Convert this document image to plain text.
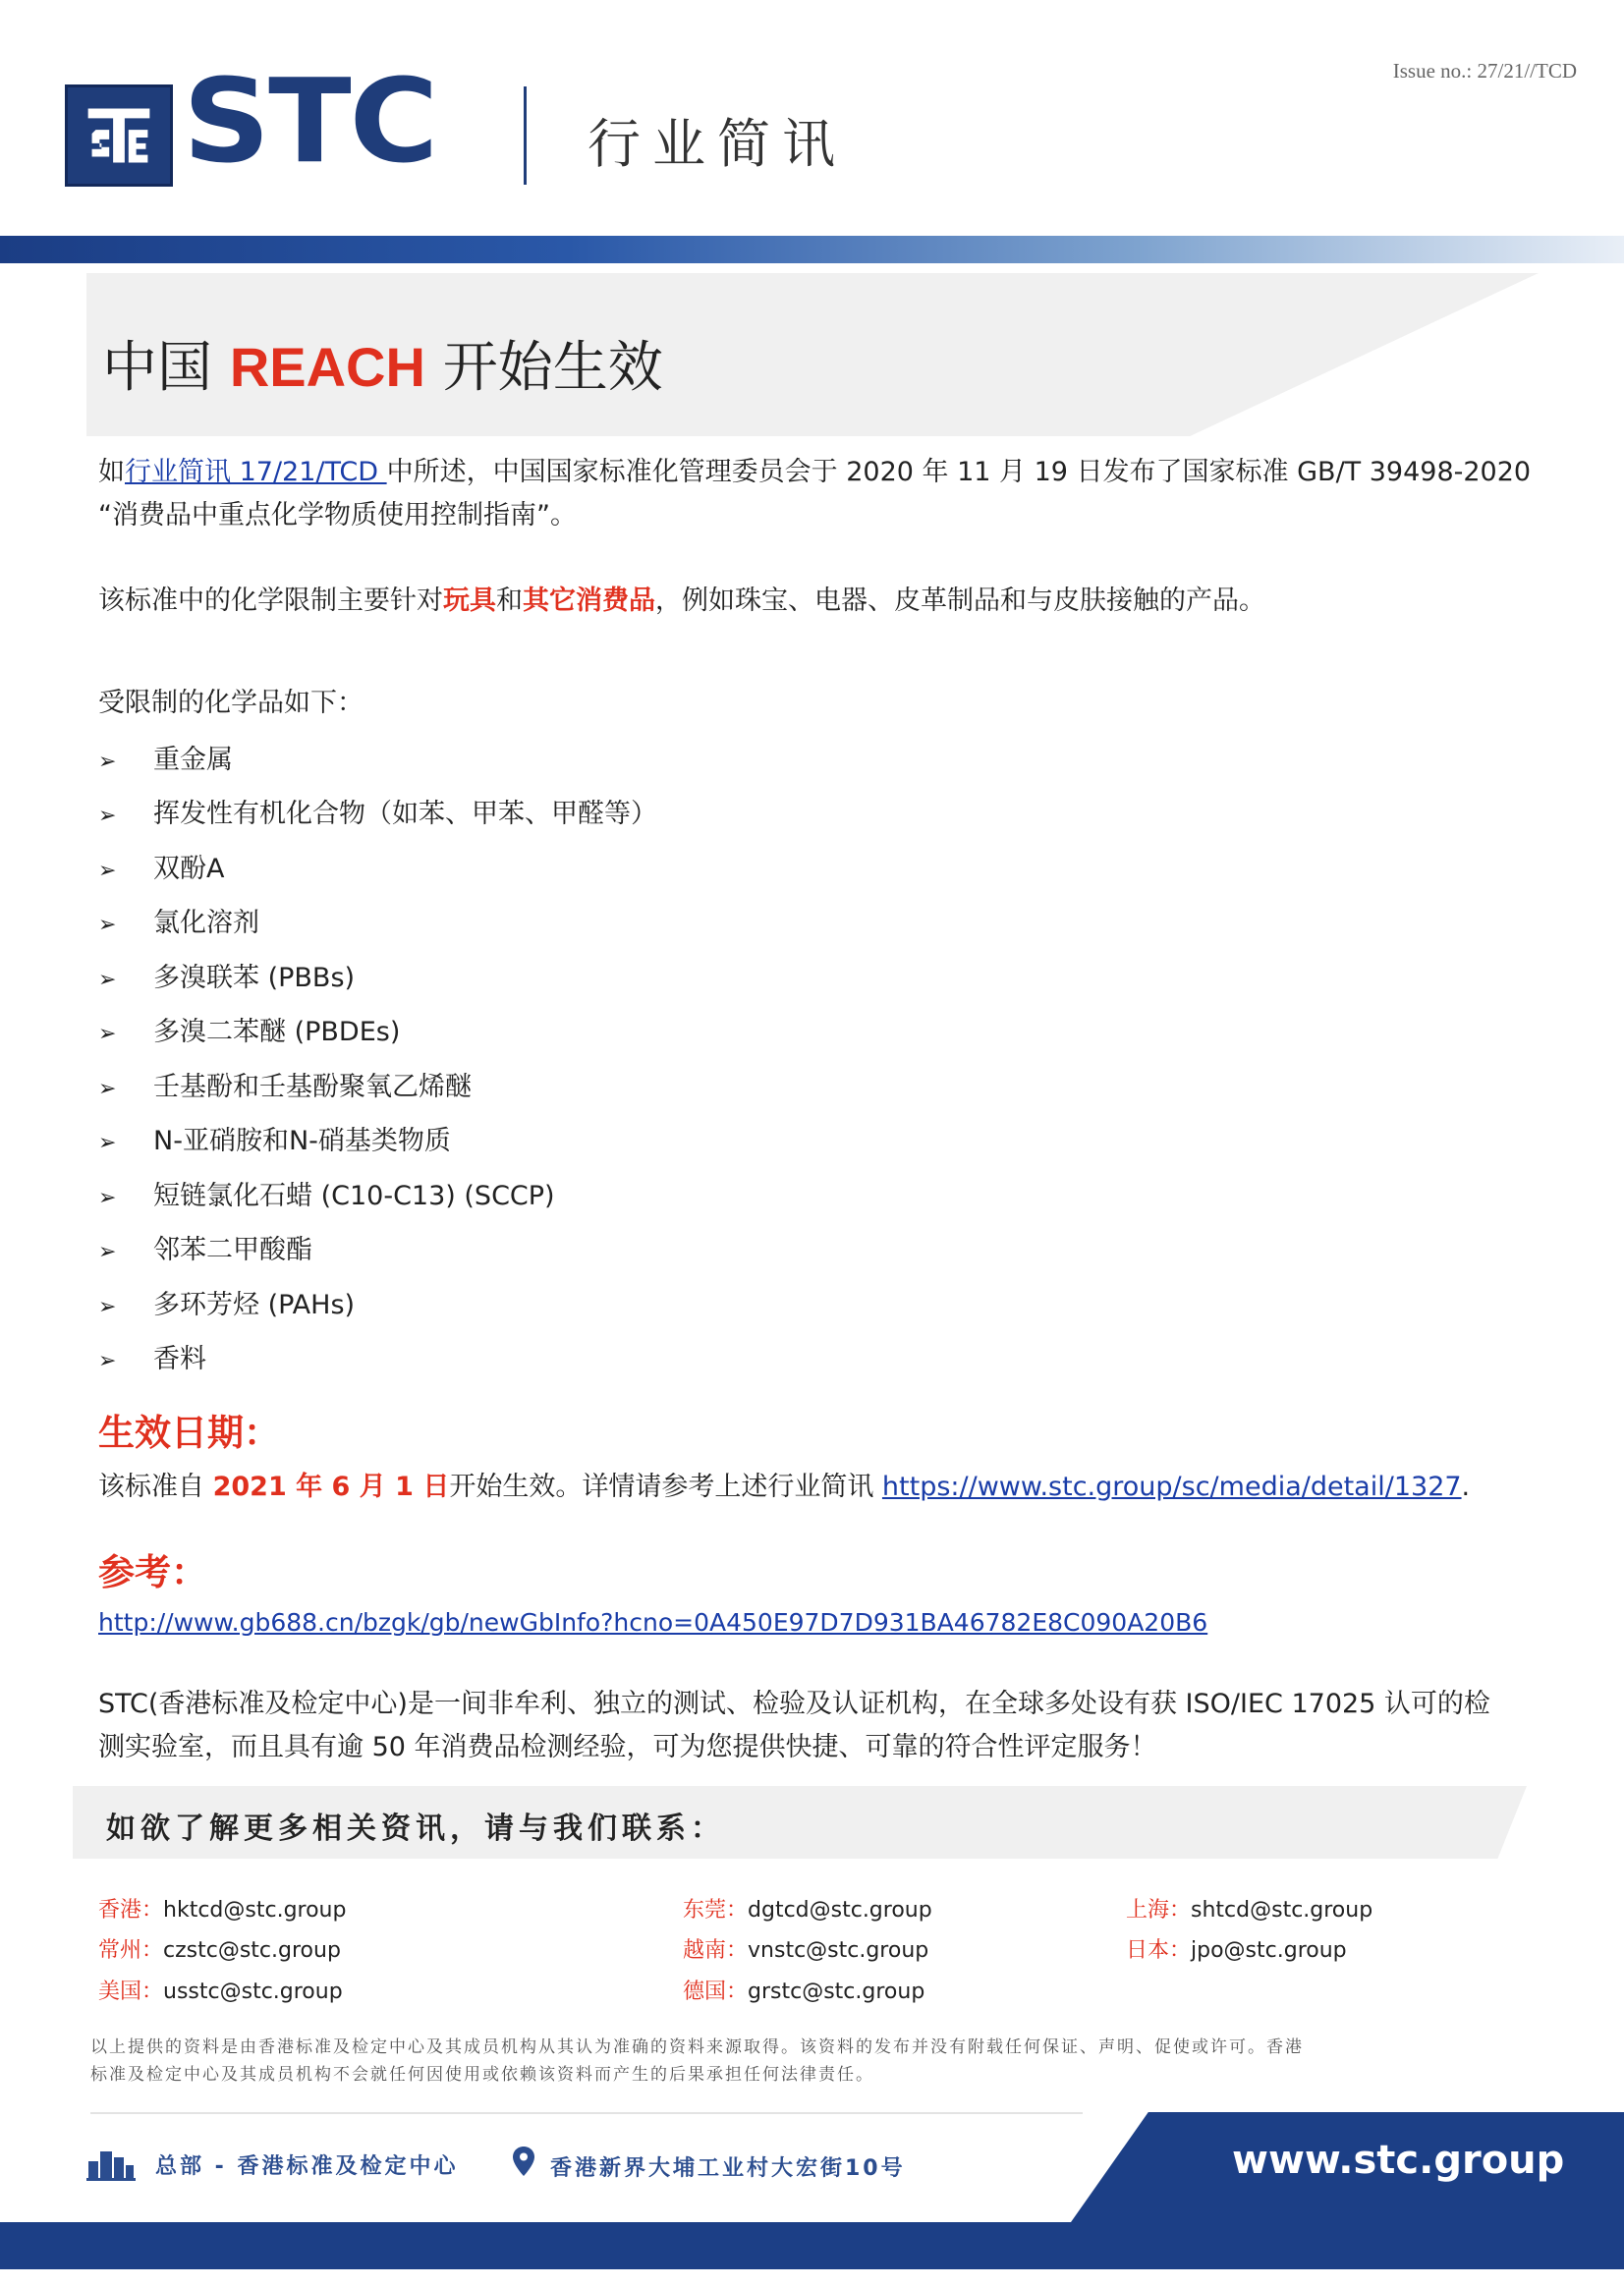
Issue no.: 27/21//TCD
STC	行业简讯
中国 REACH 开始生效
如行业简讯 17/21/TCD 中所述，中国国家标准化管理委员会于 2020 年 11 月 19 日发布了国家标准 GB/T 39498-2020
“消费品中重点化学物质使用控制指南”。
该标准中的化学限制主要针对玩具和其它消费品，例如珠宝、电器、皮革制品和与皮肤接触的产品。
受限制的化学品如下：
➢ 重金属
➢ 挥发性有机化合物（如苯、甲苯、甲醛等）
➢ 双酚A
➢ 氯化溶剂
➢ 多溴联苯 (PBBs)
➢ 多溴二苯醚 (PBDEs)
➢ 壬基酚和壬基酚聚氧乙烯醚
➢ N-亚硝胺和N-硝基类物质
➢ 短链氯化石蜡 (C10-C13) (SCCP)
➢ 邻苯二甲酸酯
➢ 多环芳烃 (PAHs)
➢ 香料
生效日期：
该标准自 2021 年 6 月 1 日开始生效。详情请参考上述行业简讯 https://www.stc.group/sc/media/detail/1327.
参考：
http://www.gb688.cn/bzgk/gb/newGbInfo?hcno=0A450E97D7D931BA46782E8C090A20B6
STC(香港标准及检定中心)是一间非牟利、独立的测试、检验及认证机构，在全球多处设有获 ISO/IEC 17025 认可的检
测实验室，而且具有逾 50 年消费品检测经验，可为您提供快捷、可靠的符合性评定服务！
如欲了解更多相关资讯，请与我们联系：
香港：hktcd@stc.group	东莞：dgtcd@stc.group	上海：shtcd@stc.group
常州：czstc@stc.group	越南：vnstc@stc.group	日本：jpo@stc.group
美国：usstc@stc.group	德国：grstc@stc.group
以上提供的资料是由香港标准及检定中心及其成员机构从其认为准确的资料来源取得。该资料的发布并没有附载任何保证、声明、促使或许可。香港
标准及检定中心及其成员机构不会就任何因使用或依赖该资料而产生的后果承担任何法律责任。
总部 - 香港标准及检定中心	香港新界大埔工业村大宏街10号	www.stc.group
